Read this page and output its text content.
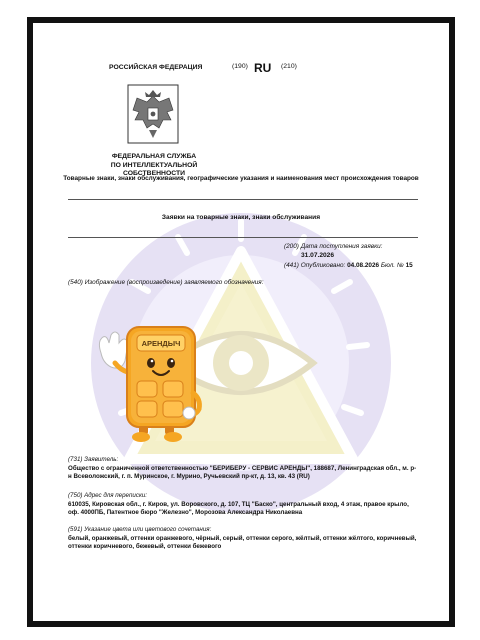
РОССИЙСКАЯ ФЕДЕРАЦИЯ	(190) RU (210)
ФЕДЕРАЛЬНАЯ СЛУЖБА
ПО ИНТЕЛЛЕКТУАЛЬНОЙ СОБСТВЕННОСТИ
Товарные знаки, знаки обслуживания, географические указания и наименования мест происхождения товаров
Заявки на товарные знаки, знаки обслуживания
(200) Дата поступления заявки:
31.07.2026
(441) Опубликовано: 04.08.2026 Бюл. № 15
(540) Изображение (воспроизведение) заявляемого обозначения:
АРЕНДЫЧ
(731) Заявитель:
Общество с ограниченной ответственностью "БЕРИБЕРУ - СЕРВИС АРЕНДЫ", 188687, Ленинградская обл., м. р-н Всеволожский, г. п. Муринское, г. Мурино, Ручьевский пр-кт, д. 13, кв. 43 (RU)
(750) Адрес для переписки:
610035, Кировская обл., г. Киров, ул. Воровского, д. 107, ТЦ "Баско", центральный вход, 4 этаж, правое крыло, оф. 4000ПБ, Патентное бюро "Железно", Морозова Александра Николаевна
(591) Указание цвета или цветового сочетания:
белый, оранжевый, оттенки оранжевого, чёрный, серый, оттенки серого, жёлтый, оттенки жёлтого, коричневый, оттенки коричневого, бежевый, оттенки бежевого
